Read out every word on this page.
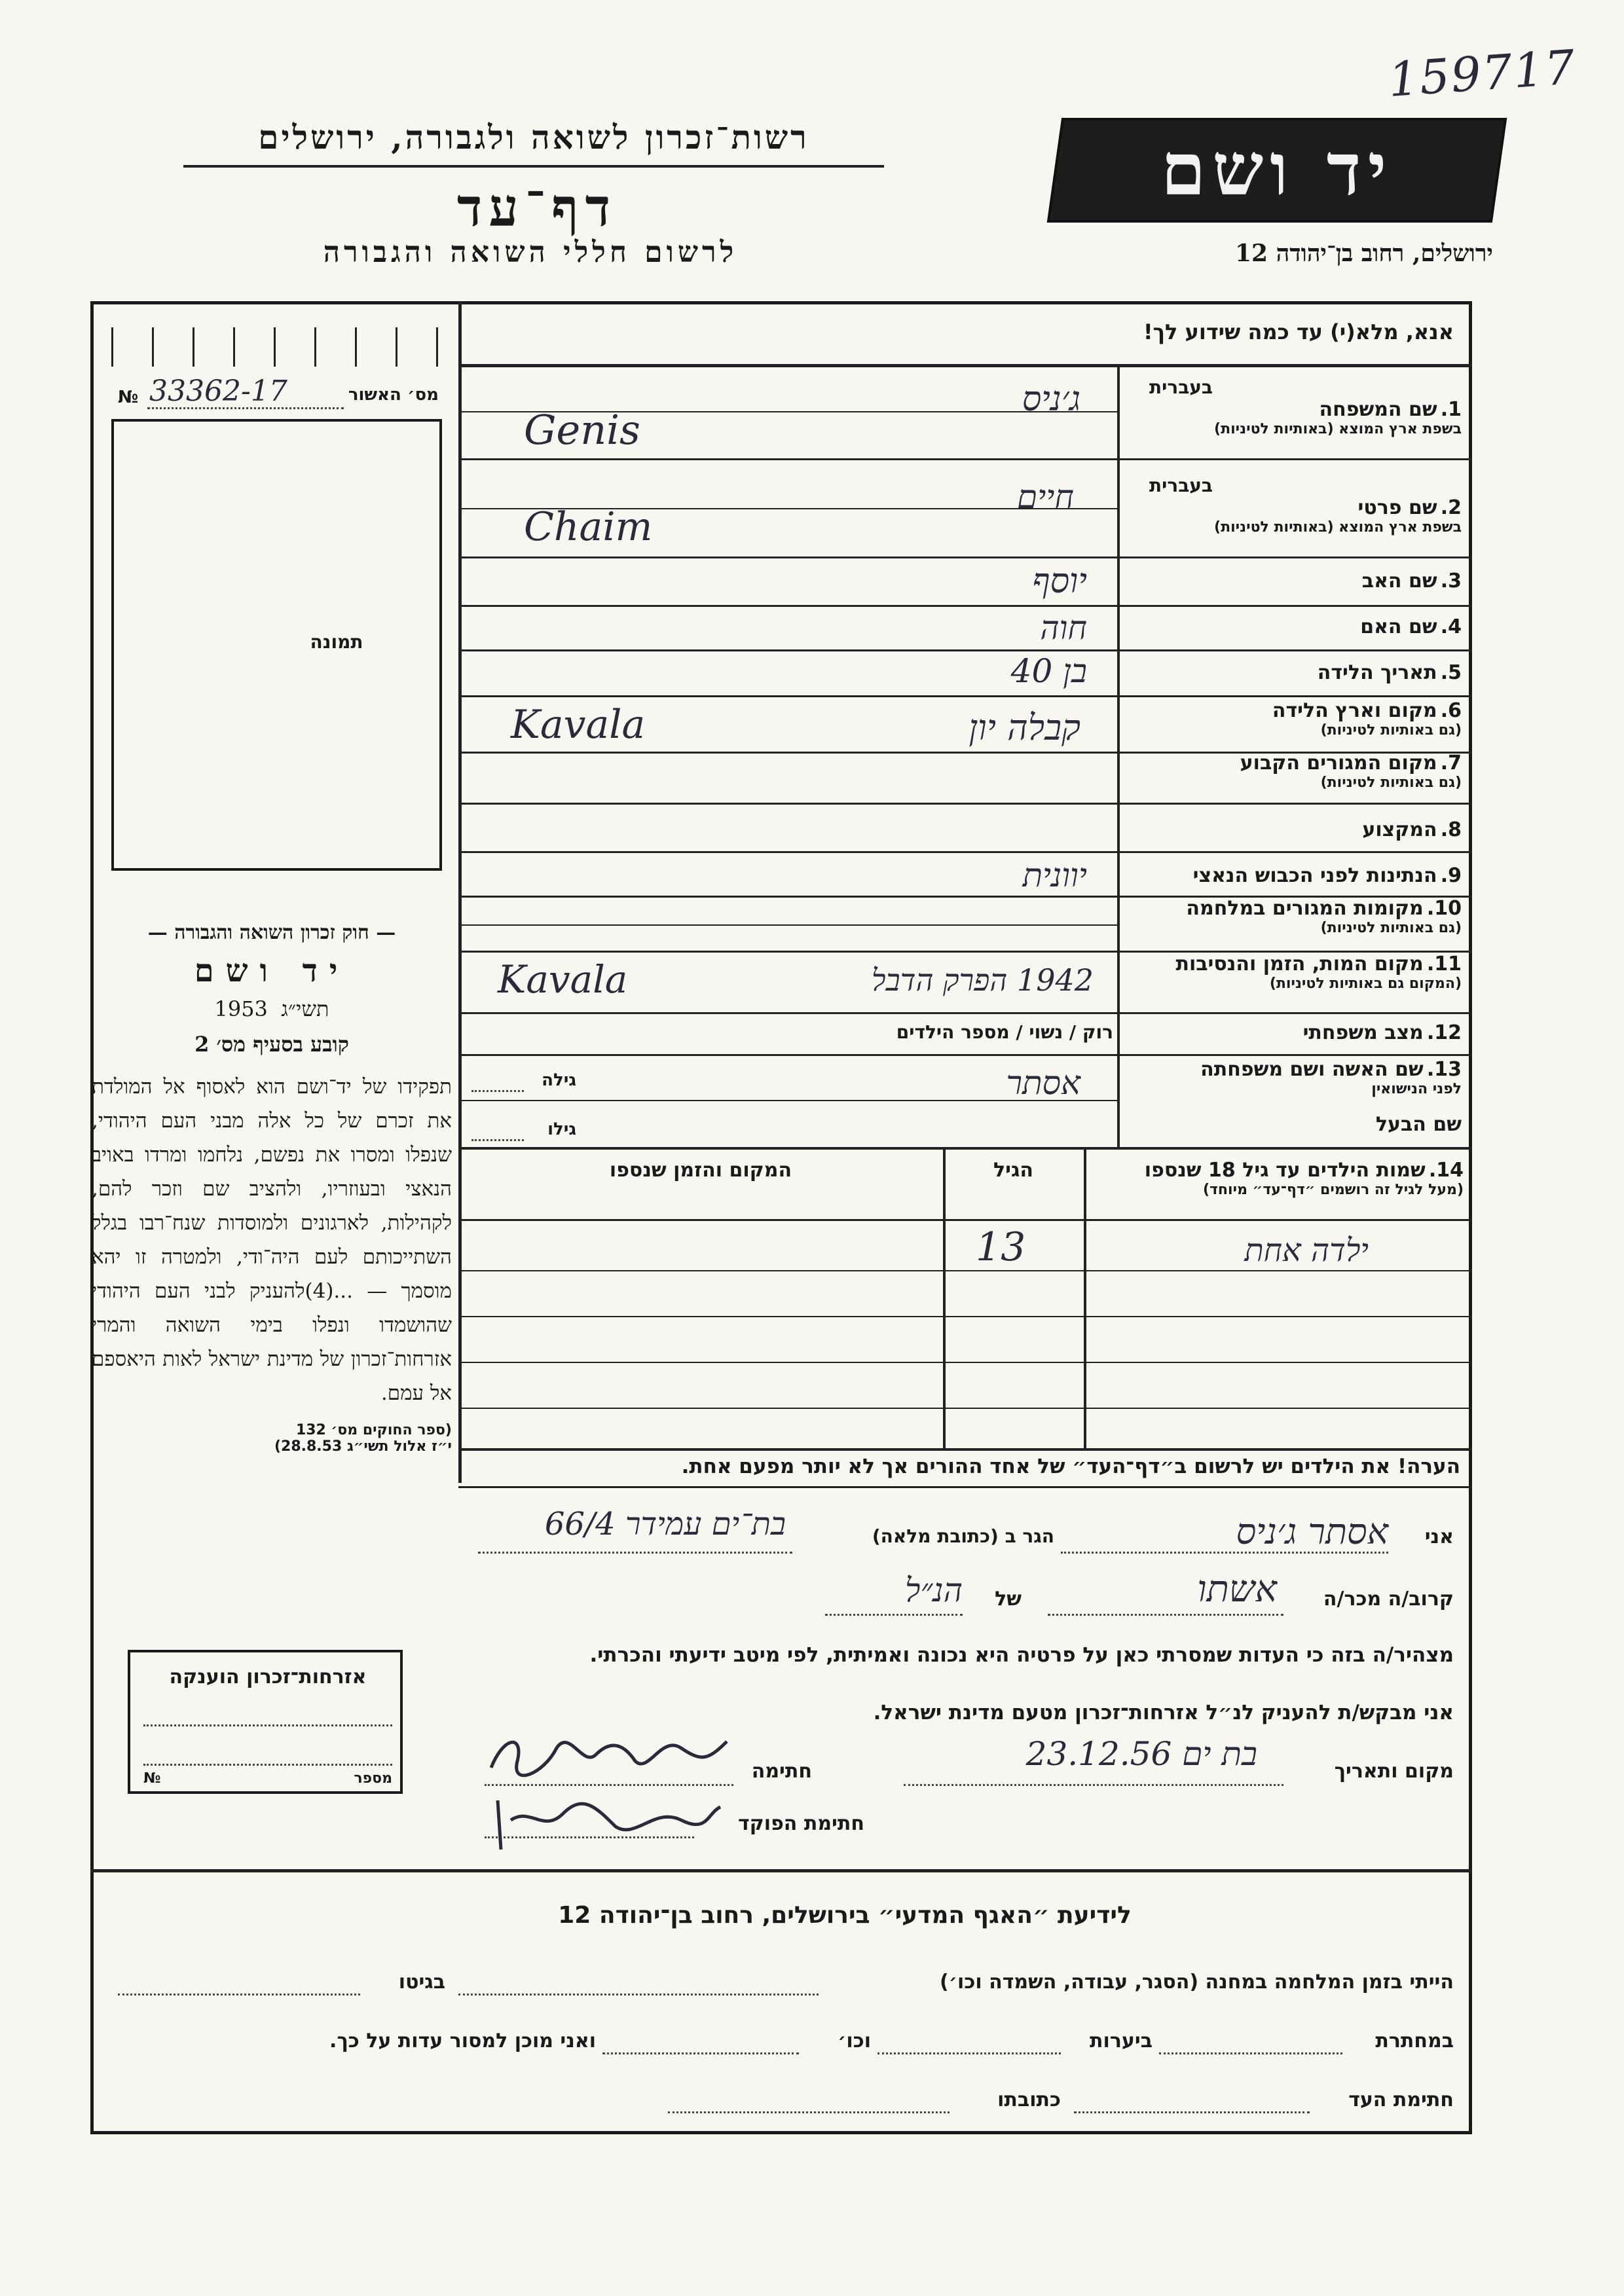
159717
רשות־זכרון לשואה ולגבורה, ירושלים
דף־עד
לרשום חללי השואה והגבורה
יד ושם
ירושלים, רחוב בן־יהודה 12
№ 33362-17	מס׳ האשור
תמונה
— חוק זכרון השואה והגבורה —
יד ושם
תשי״ג    1953
קובע בסעיף מס׳ 2
תפקידו של יד־ושם הוא לאסוף אל המולדת את זכרם של כל אלה מבני העם היהודי, שנפלו ומסרו את נפשם, נלחמו ומרדו באויב הנאצי ובעוזריו, ולהציב שם וזכר להם, לקהילות, לארגונים ולמוסדות שנח־רבו בגלל השתייכותם לעם היה־ודי, ולמטרה זו יהא מוסמך — ...(4)להעניק לבני העם היהודי שהושמדו ונפלו בימי השואה והמרי אזרחות־זכרון של מדינת ישראל לאות היאספם אל עמם.
(ספר החוקים מס׳ 132
י״ז אלול תשי״ג 28.8.53)
אנא, מלא(י) עד כמה שידוע לך!
בעברית
1. שם המשפחה
בשפת ארץ המוצא (באותיות לטיניות)
ג׳ניס
Genis
בעברית
2. שם פרטי
בשפת ארץ המוצא (באותיות לטיניות)
חיים
Chaim
3. שם האב
יוסף
4. שם האם
חוה
5. תאריך הלידה
בן 40
6. מקום וארץ הלידה
(גם באותיות לטיניות)
קבלה יון
Kavala
7. מקום המגורים הקבוע
(גם באותיות לטיניות)
8. המקצוע
9. הנתינות לפני הכבוש הנאצי
יוונית
10. מקומות המגורים במלחמה
(גם באותיות לטיניות)
11. מקום המות, הזמן והנסיבות
(המקום גם באותיות לטיניות)
1942 הפרק הדבל
Kavala
12. מצב משפחתי
רוק / נשוי / מספר הילדים
13. שם האשה ושם משפחתה
לפני הנישואין
אסתר
גילה
שם הבעל
גילו
14. שמות הילדים עד גיל 18 שנספו
(מעל לגיל זה רושמים ״דף־עד״ מיוחד)
הגיל
המקום והזמן שנספו
ילדה אחת
13
הערה! את הילדים יש לרשום ב״דף־העד״ של אחד ההורים אך לא יותר מפעם אחת.
אני
אסתר ג׳ניס
הגר ב (כתובת מלאה)
בת־ים עמידר 66/4
קרוב/ה מכר/ה
אשתו
של
הנ״ל
מצהיר/ה בזה כי העדות שמסרתי כאן על פרטיה היא נכונה ואמיתית, לפי מיטב ידיעתי והכרתי.
אני מבקש/ת להעניק לנ״ל אזרחות־זכרון מטעם מדינת ישראל.
מקום ותאריך
בת ים 23.12.56
חתימה
חתימת הפוקד
אזרחות־זכרון הוענקה
№	מספר
לידיעת ״האגף המדעי״ בירושלים, רחוב בן־יהודה 12
הייתי בזמן המלחמה במחנה (הסגר, עבודה, השמדה וכו׳)
בגיטו
במחתרת
ביערות
וכו׳
ואני מוכן למסור עדות על כך.
חתימת העד
כתובתו
